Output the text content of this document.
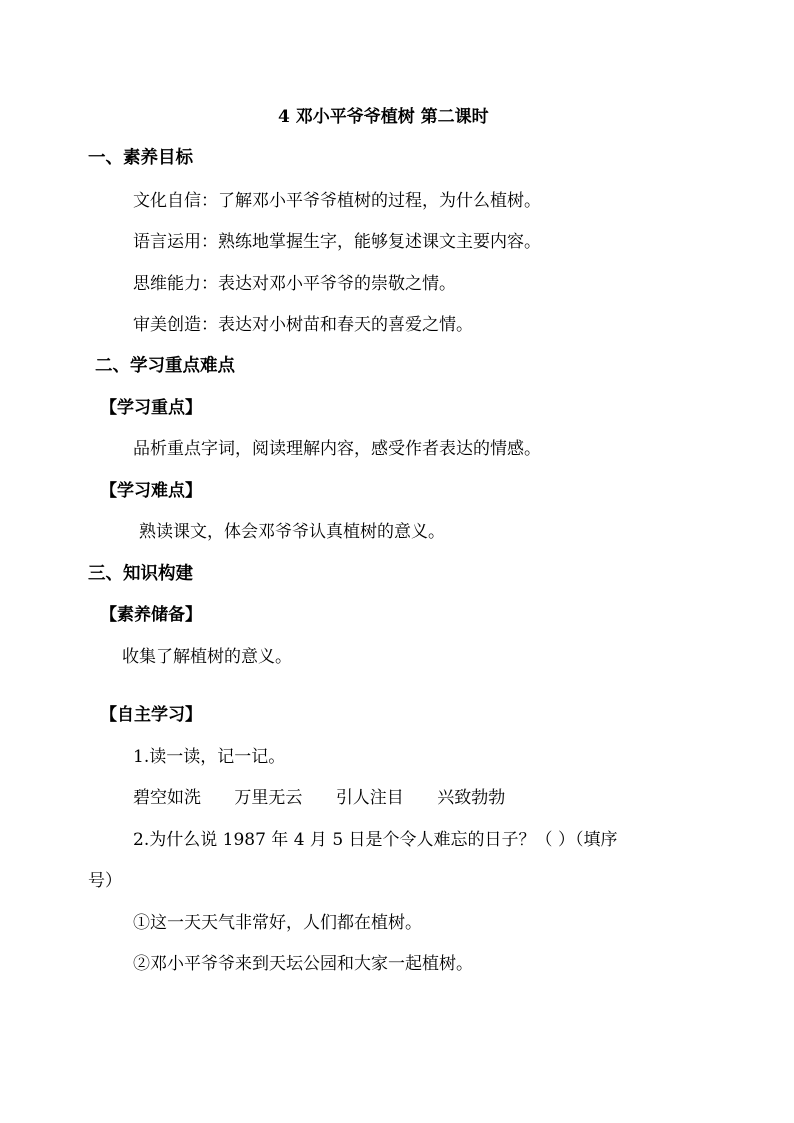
4 邓小平爷爷植树 第二课时
一、素养目标
文化自信：了解邓小平爷爷植树的过程，为什么植树。
语言运用：熟练地掌握生字，能够复述课文主要内容。
思维能力：表达对邓小平爷爷的崇敬之情。
审美创造：表达对小树苗和春天的喜爱之情。
二、学习重点难点
【学习重点】
品析重点字词，阅读理解内容，感受作者表达的情感。
【学习难点】
熟读课文，体会邓爷爷认真植树的意义。
三、知识构建
【素养储备】
收集了解植树的意义。
【自主学习】
1.读一读，记一记。
碧空如洗 万里无云 引人注目 兴致勃勃
2.为什么说 1987 年 4 月 5 日是个令人难忘的日子？（ ）（填序
号）
①这一天天气非常好，人们都在植树。
②邓小平爷爷来到天坛公园和大家一起植树。
